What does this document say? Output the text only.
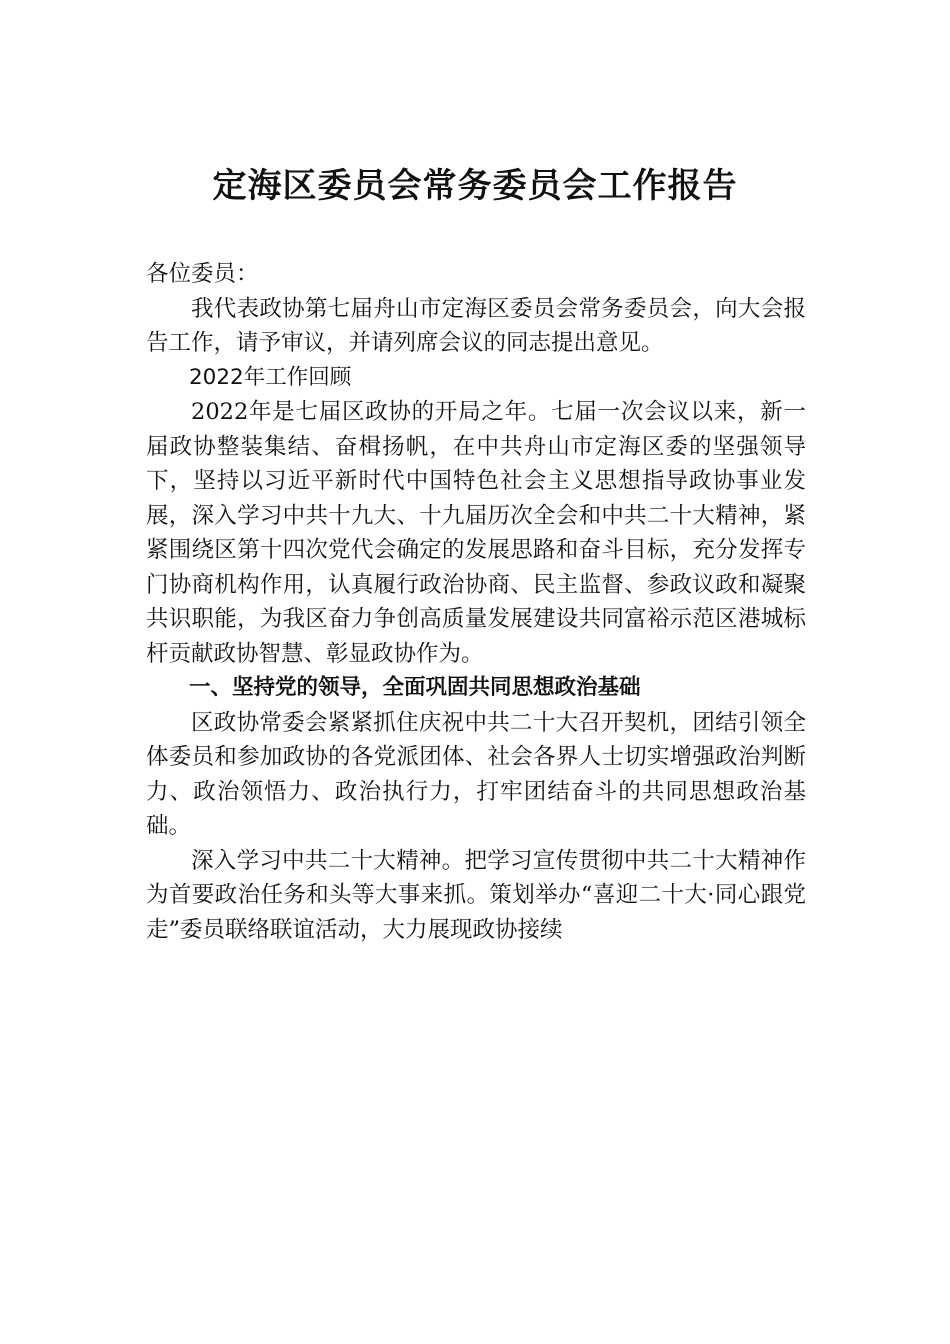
定海区委员会常务委员会工作报告

各位委员：

我代表政协第七届舟山市定海区委员会常务委员会，向大会报告工作，请予审议，并请列席会议的同志提出意见。

2022年工作回顾

2022年是七届区政协的开局之年。七届一次会议以来，新一届政协整装集结、奋楫扬帆，在中共舟山市定海区委的坚强领导下，坚持以习近平新时代中国特色社会主义思想指导政协事业发展，深入学习中共十九大、十九届历次全会和中共二十大精神，紧紧围绕区第十四次党代会确定的发展思路和奋斗目标，充分发挥专门协商机构作用，认真履行政治协商、民主监督、参政议政和凝聚共识职能，为我区奋力争创高质量发展建设共同富裕示范区港城标杆贡献政协智慧、彰显政协作为。

一、坚持党的领导，全面巩固共同思想政治基础

区政协常委会紧紧抓住庆祝中共二十大召开契机，团结引领全体委员和参加政协的各党派团体、社会各界人士切实增强政治判断力、政治领悟力、政治执行力，打牢团结奋斗的共同思想政治基础。

深入学习中共二十大精神。把学习宣传贯彻中共二十大精神作为首要政治任务和头等大事来抓。策划举办“喜迎二十大·同心跟党走”委员联络联谊活动，大力展现政协接续
